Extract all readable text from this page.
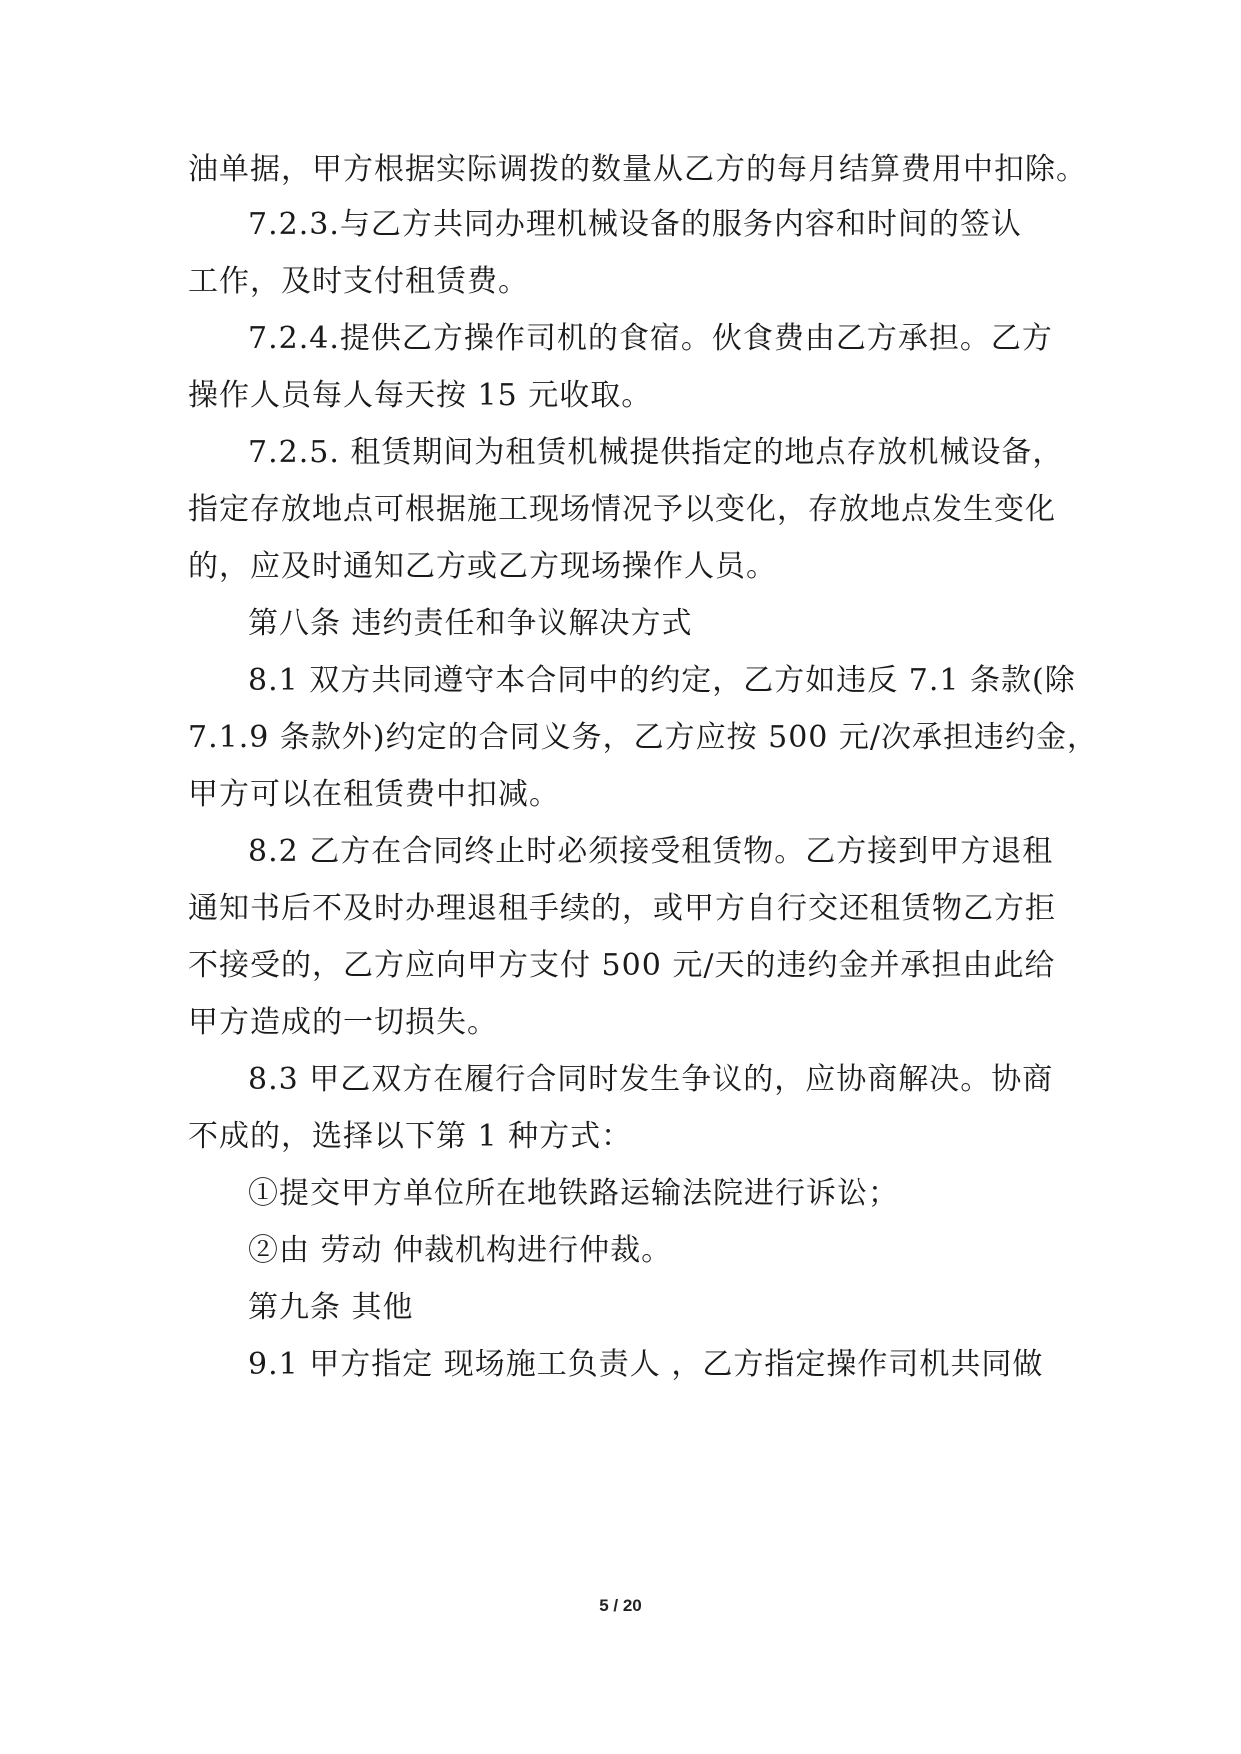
油单据，甲方根据实际调拨的数量从乙方的每月结算费用中扣除。
7.2.3.与乙方共同办理机械设备的服务内容和时间的签认
工作，及时支付租赁费。
7.2.4.提供乙方操作司机的食宿。伙食费由乙方承担。乙方
操作人员每人每天按 15 元收取。
7.2.5. 租赁期间为租赁机械提供指定的地点存放机械设备，
指定存放地点可根据施工现场情况予以变化，存放地点发生变化
的，应及时通知乙方或乙方现场操作人员。
第八条 违约责任和争议解决方式
8.1 双方共同遵守本合同中的约定，乙方如违反 7.1 条款(除
7.1.9 条款外)约定的合同义务，乙方应按 500 元/次承担违约金，
甲方可以在租赁费中扣减。
8.2 乙方在合同终止时必须接受租赁物。乙方接到甲方退租
通知书后不及时办理退租手续的，或甲方自行交还租赁物乙方拒
不接受的，乙方应向甲方支付 500 元/天的违约金并承担由此给
甲方造成的一切损失。
8.3 甲乙双方在履行合同时发生争议的，应协商解决。协商
不成的，选择以下第 1 种方式：
①提交甲方单位所在地铁路运输法院进行诉讼；
②由 劳动 仲裁机构进行仲裁。
第九条 其他
9.1 甲方指定 现场施工负责人 ，乙方指定操作司机共同做
5 / 20
